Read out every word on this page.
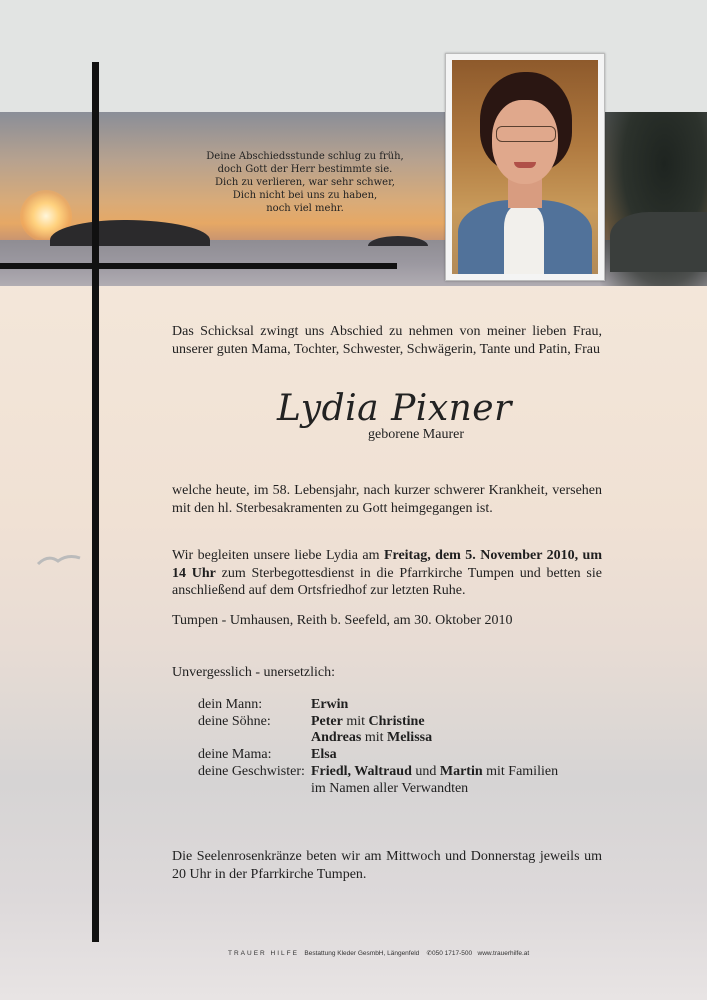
Deine Abschiedsstunde schlug zu früh,
doch Gott der Herr bestimmte sie.
Dich zu verlieren, war sehr schwer,
Dich nicht bei uns zu haben,
noch viel mehr.
Das Schicksal zwingt uns Abschied zu nehmen von meiner lieben Frau, unserer guten Mama, Tochter, Schwester, Schwägerin, Tante und Patin, Frau
Lydia Pixner
geborene Maurer
welche heute, im 58. Lebensjahr, nach kurzer schwerer Krankheit, versehen mit den hl. Sterbesakramenten zu Gott heimgegangen ist.
Wir begleiten unsere liebe Lydia am Freitag, dem 5. November 2010, um 14 Uhr zum Sterbegottesdienst in die Pfarrkirche Tumpen und betten sie anschließend auf dem Ortsfriedhof zur letzten Ruhe.
Tumpen - Umhausen, Reith b. Seefeld, am 30. Oktober 2010
Unvergesslich - unersetzlich:
dein Mann:	Erwin
deine Söhne:	Peter mit Christine
Andreas mit Melissa
deine Mama:	Elsa
deine Geschwister: Friedl, Waltraud und Martin mit Familien
im Namen aller Verwandten
Die Seelenrosenkränze beten wir am Mittwoch und Donnerstag jeweils um 20 Uhr in der Pfarrkirche Tumpen.
TRAUER HILFE Bestattung Kleder GesmbH, Längenfeld ✆050 1717-500 www.trauerhilfe.at
